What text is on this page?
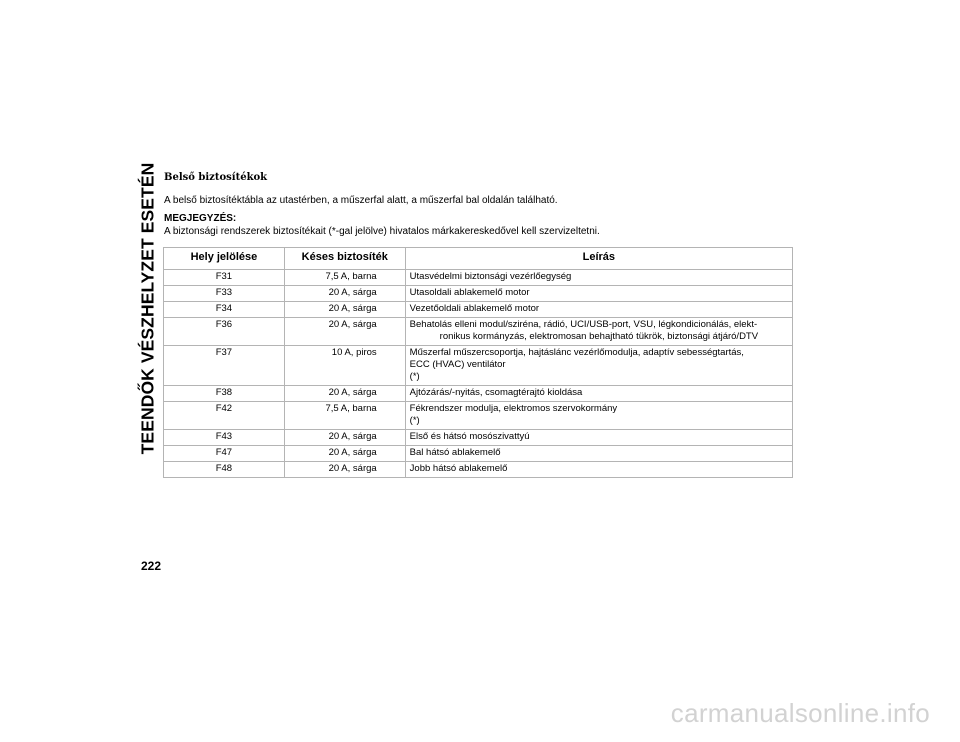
TEENDŐK VÉSZHELYZET ESETÉN Belső biztosítékok
A belső biztosítéktábla az utastérben, a műszerfal alatt, a műszerfal bal oldalán található.
MEGJEGYZÉS:
A biztonsági rendszerek biztosítékait (*-gal jelölve) hivatalos márkakereskedővel kell szervizeltetni.
Hely jelölése	Késes biztosíték	Leírás
F31	7,5 A, barna	Utasvédelmi biztonsági vezérlőegység

F33	20 A, sárga	Utasoldali ablakemelő motor

F34	20 A, sárga	Vezetőoldali ablakemelő motor

F36	20 A, sárga	Behatolás elleni modul/sziréna, rádió, UCI/USB-port, VSU, légkondicionálás, elekt-
ronikus kormányzás, elektromosan behajtható tükrök, biztonsági átjáró/DTV

F37	10 A, piros	Műszerfal műszercsoportja, hajtáslánc vezérlőmodulja, adaptív sebességtartás,
ECC (HVAC) ventilátor
(*)

F38	20 A, sárga	Ajtózárás/-nyitás, csomagtérajtó kioldása

F42	7,5 A, barna	Fékrendszer modulja, elektromos szervokormány
(*)

F43	20 A, sárga	Első és hátsó mosószivattyú

F47	20 A, sárga	Bal hátsó ablakemelő

F48	20 A, sárga	Jobb hátsó ablakemelő
222
carmanualsonline.info
